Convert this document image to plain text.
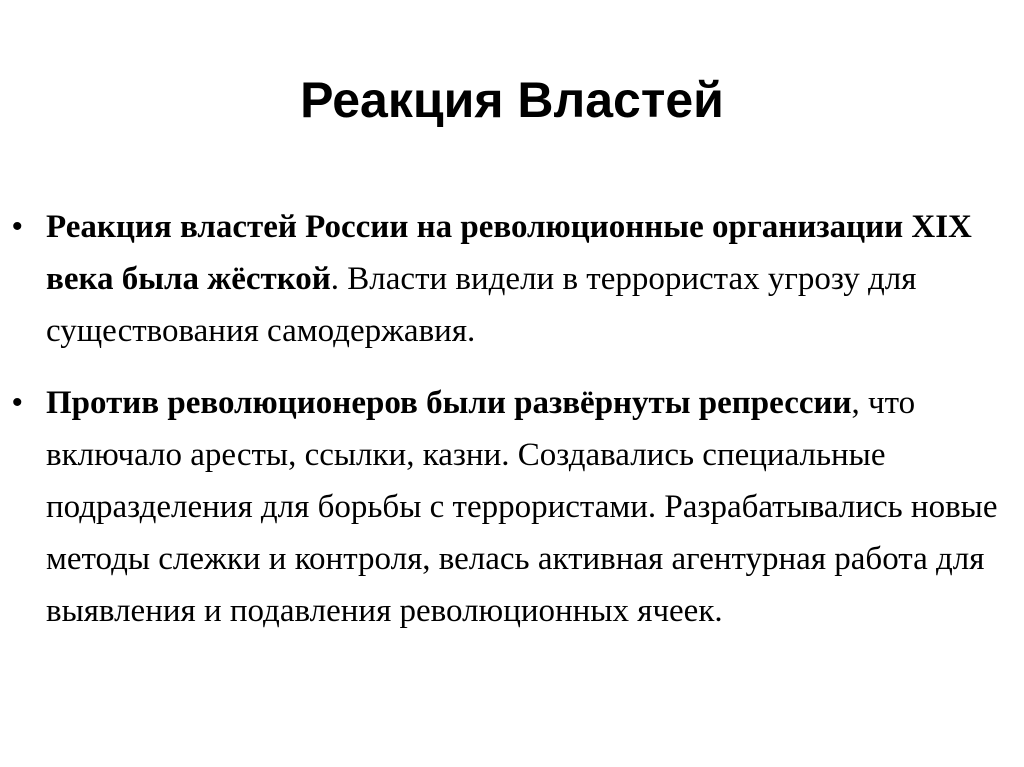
Реакция Властей
• Реакция властей России на революционные организации XIX века была жёсткой. Власти видели в террористах угрозу для существования самодержавия.
• Против революционеров были развёрнуты репрессии, что включало аресты, ссылки, казни. Создавались специальные подразделения для борьбы с террористами. Разрабатывались новые методы слежки и контроля, велась активная агентурная работа для выявления и подавления революционных ячеек.
